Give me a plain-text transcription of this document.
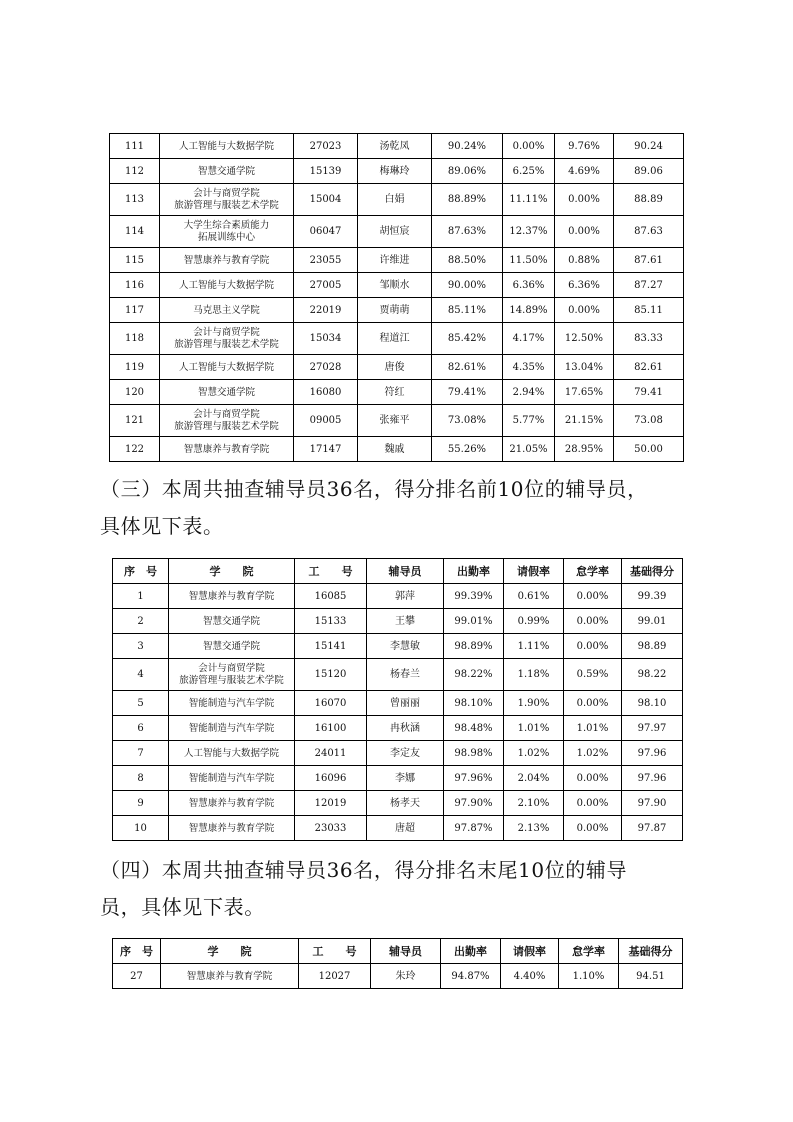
111	人工智能与大数据学院	27023	汤乾凤	90.24%	0.00%	9.76%	90.24
112	智慧交通学院	15139	梅琳玲	89.06%	6.25%	4.69%	89.06
113	会计与商贸学院
旅游管理与服装艺术学院	15004	白娟	88.89%	11.11%	0.00%	88.89
114	大学生综合素质能力
拓展训练中心	06047	胡恒宸	87.63%	12.37%	0.00%	87.63
115	智慧康养与教育学院	23055	许维进	88.50%	11.50%	0.88%	87.61
116	人工智能与大数据学院	27005	邹顺水	90.00%	6.36%	6.36%	87.27
117	马克思主义学院	22019	贾萌萌	85.11%	14.89%	0.00%	85.11
118	会计与商贸学院
旅游管理与服装艺术学院	15034	程道江	85.42%	4.17%	12.50%	83.33
119	人工智能与大数据学院	27028	唐俊	82.61%	4.35%	13.04%	82.61
120	智慧交通学院	16080	符红	79.41%	2.94%	17.65%	79.41
121	会计与商贸学院
旅游管理与服装艺术学院	09005	张雍平	73.08%	5.77%	21.15%	73.08
122	智慧康养与教育学院	17147	魏戚	55.26%	21.05%	28.95%	50.00

（三）本周共抽查辅导员36名，得分排名前10位的辅导员，
具体见下表。

序　号	学　　院	工　　号	辅导员	出勤率	请假率	怠学率	基础得分
1	智慧康养与教育学院	16085	郭萍	99.39%	0.61%	0.00%	99.39
2	智慧交通学院	15133	王攀	99.01%	0.99%	0.00%	99.01
3	智慧交通学院	15141	李慧敏	98.89%	1.11%	0.00%	98.89
4	会计与商贸学院
旅游管理与服装艺术学院	15120	杨春兰	98.22%	1.18%	0.59%	98.22
5	智能制造与汽车学院	16070	曾丽丽	98.10%	1.90%	0.00%	98.10
6	智能制造与汽车学院	16100	冉秋涵	98.48%	1.01%	1.01%	97.97
7	人工智能与大数据学院	24011	李定友	98.98%	1.02%	1.02%	97.96
8	智能制造与汽车学院	16096	李娜	97.96%	2.04%	0.00%	97.96
9	智慧康养与教育学院	12019	杨孝天	97.90%	2.10%	0.00%	97.90
10	智慧康养与教育学院	23033	唐超	97.87%	2.13%	0.00%	97.87

（四）本周共抽查辅导员36名，得分排名末尾10位的辅导
员，具体见下表。

序　号	学　　院	工　　号	辅导员	出勤率	请假率	怠学率	基础得分
27	智慧康养与教育学院	12027	朱玲	94.87%	4.40%	1.10%	94.51
